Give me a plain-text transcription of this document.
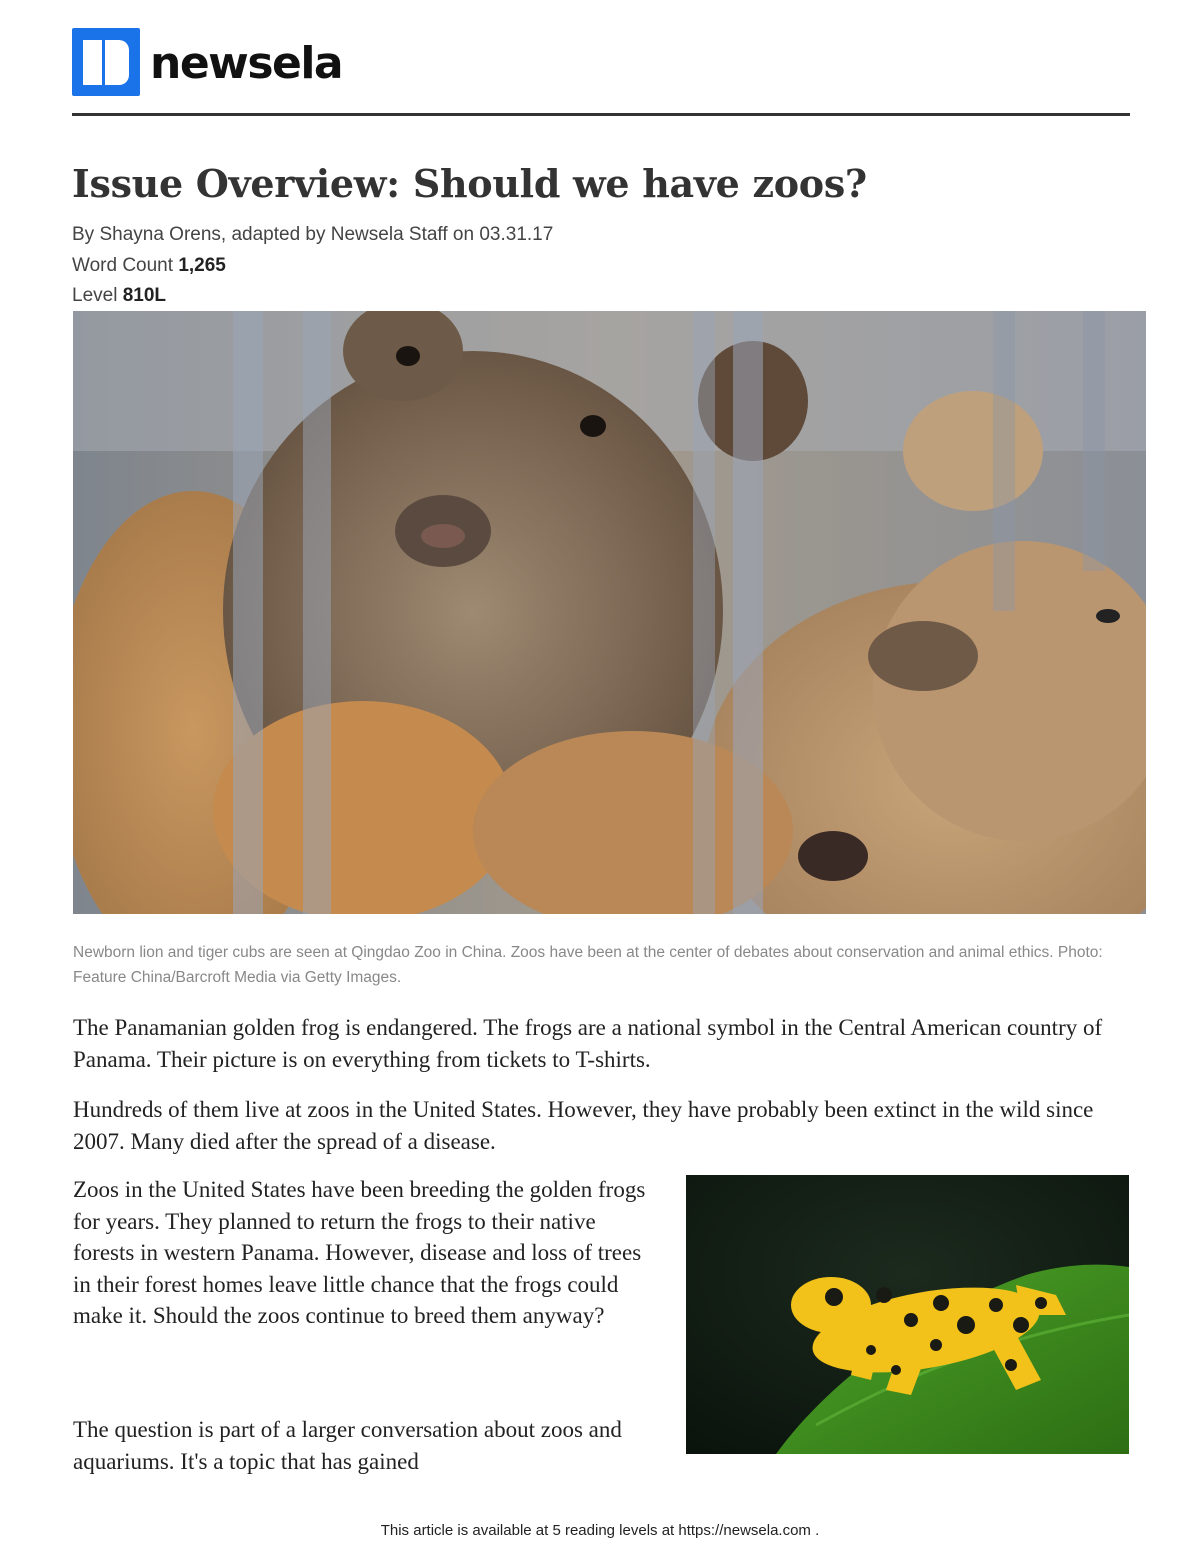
newsela
Issue Overview: Should we have zoos?
By Shayna Orens, adapted by Newsela Staff on 03.31.17
Word Count 1,265
Level 810L
Newborn lion and tiger cubs are seen at Qingdao Zoo in China. Zoos have been at the center of debates about conservation and animal ethics. Photo: Feature China/Barcroft Media via Getty Images.

The Panamanian golden frog is endangered. The frogs are a national symbol in the Central American country of Panama. Their picture is on everything from tickets to T-shirts.

Hundreds of them live at zoos in the United States. However, they have probably been extinct in the wild since 2007. Many died after the spread of a disease.

Zoos in the United States have been breeding the golden frogs for years. They planned to return the frogs to their native forests in western Panama. However, disease and loss of trees in their forest homes leave little chance that the frogs could make it. Should the zoos continue to breed them anyway?

The question is part of a larger conversation about zoos and aquariums. It's a topic that has gained

This article is available at 5 reading levels at https://newsela.com .
